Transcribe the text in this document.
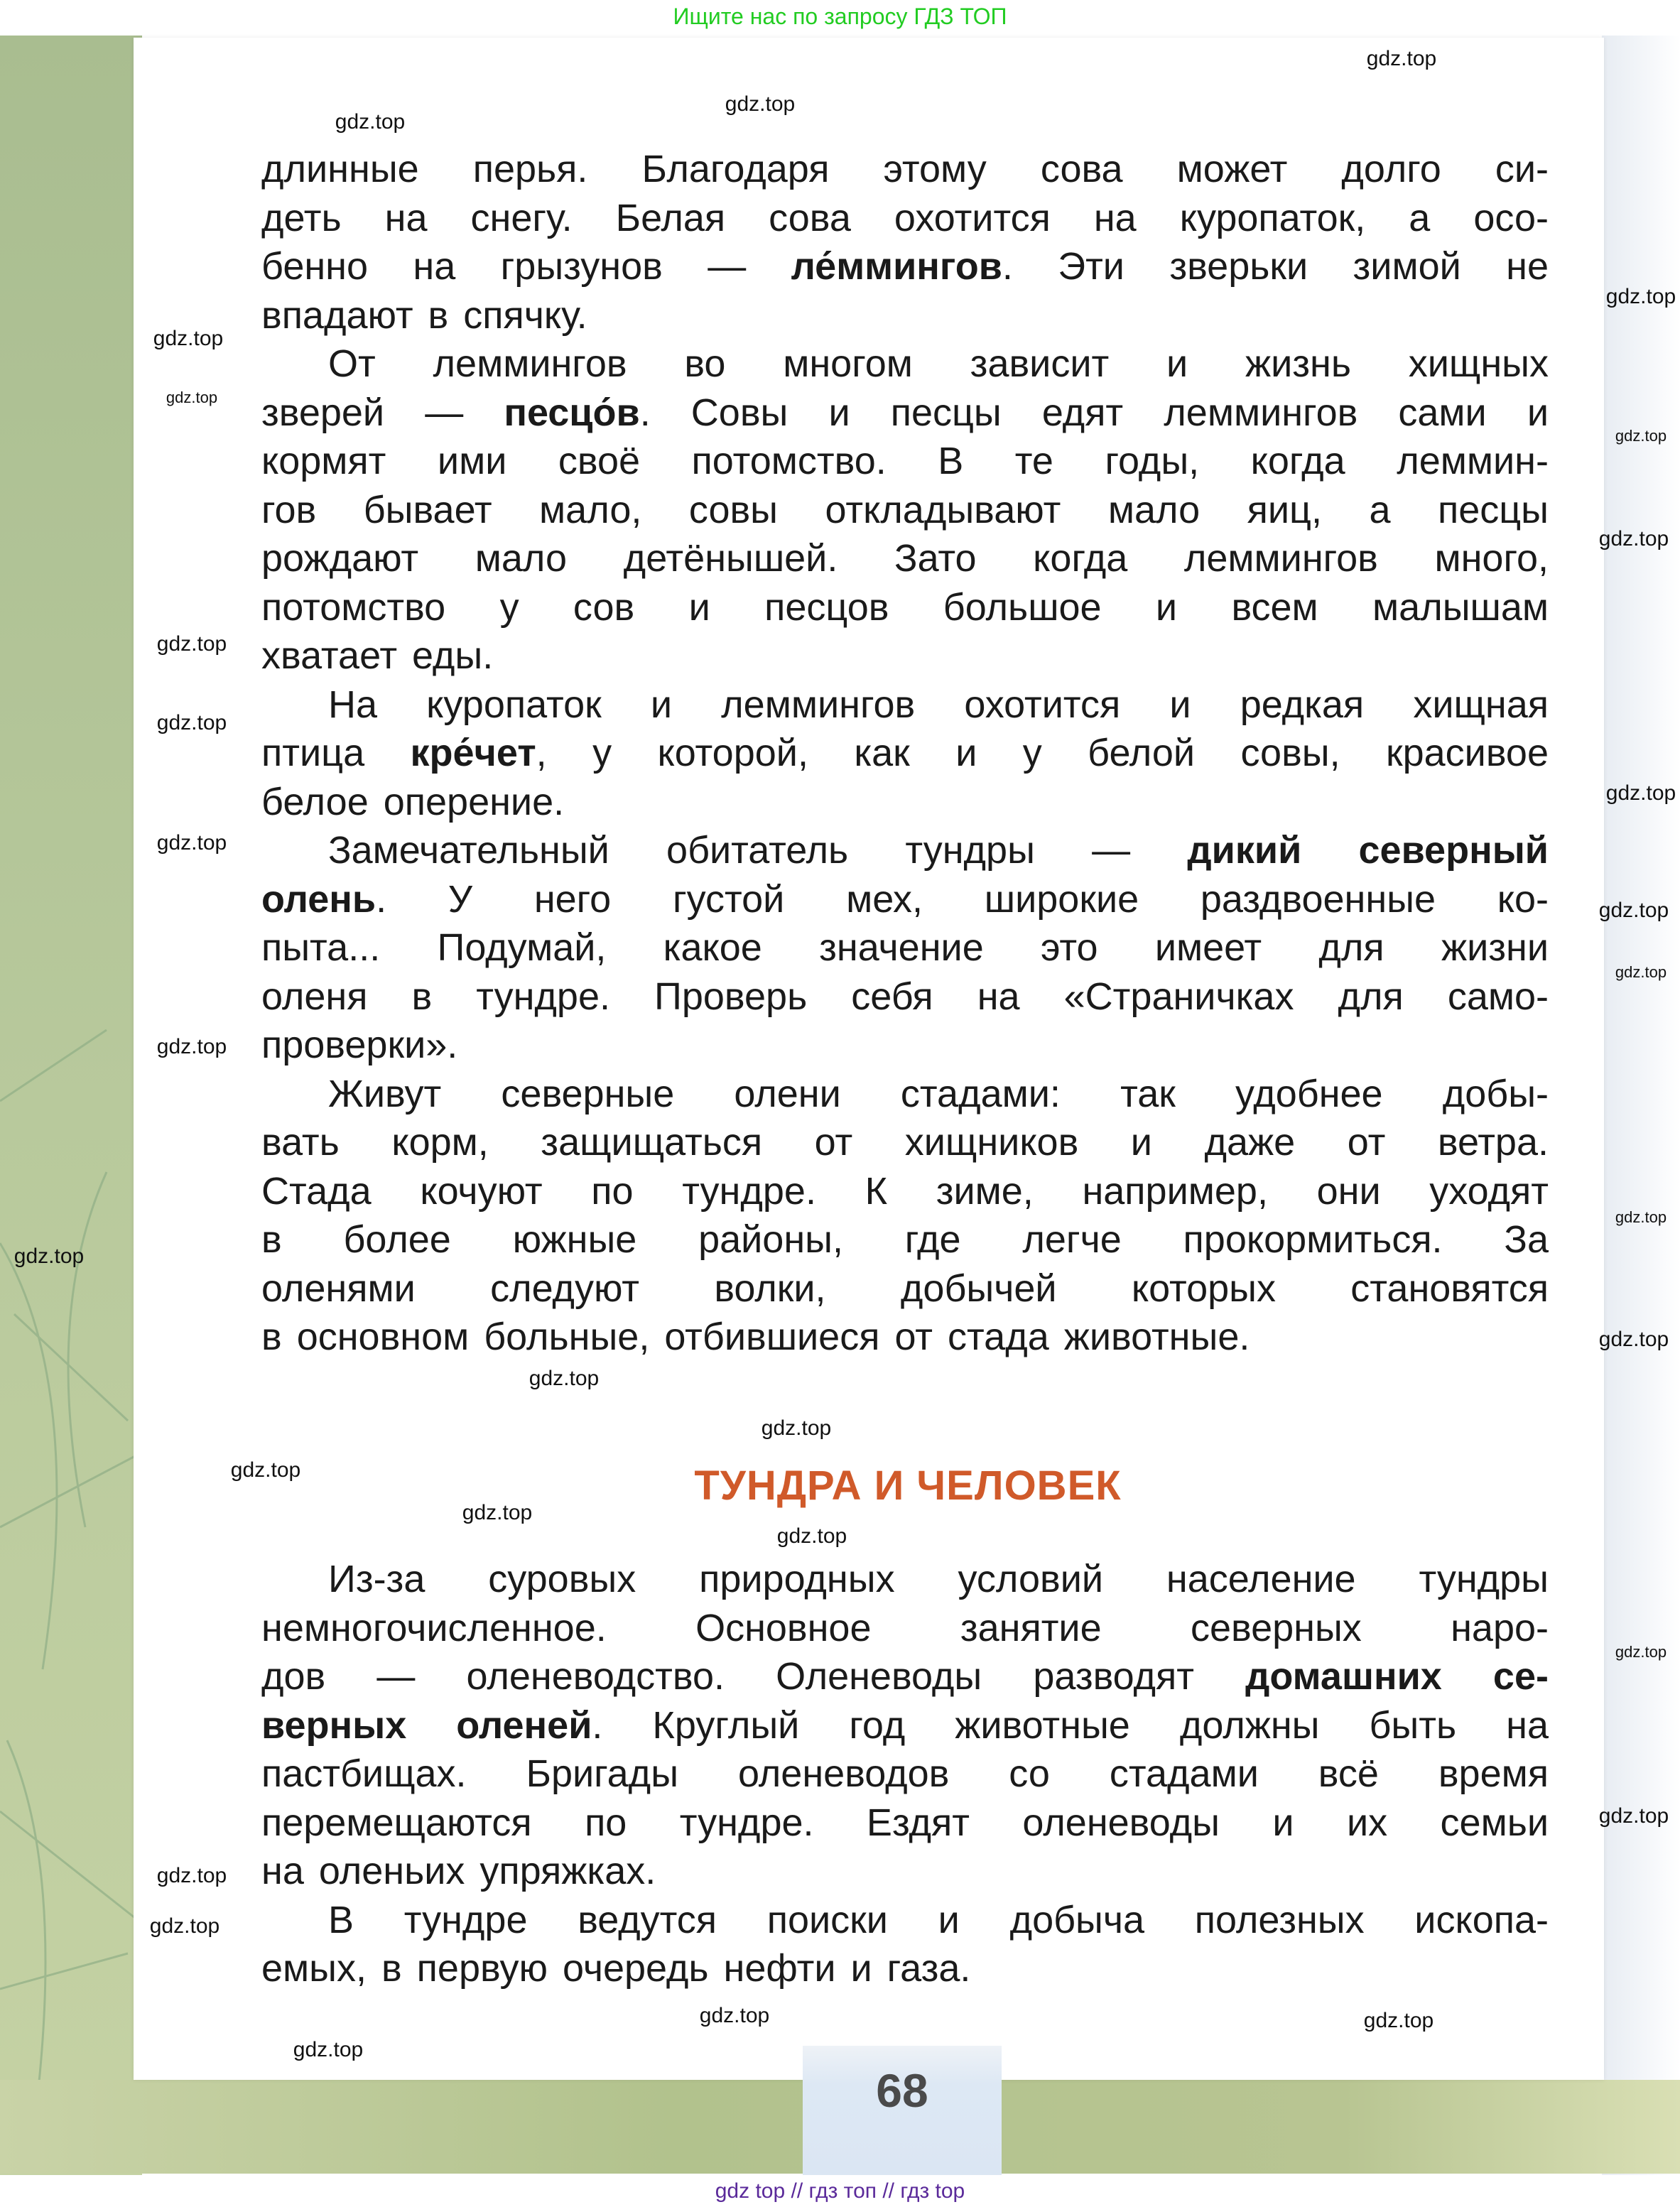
Ищите нас по запросу ГДЗ ТОП
68
длинные перья. Благодаря этому сова может долго си-
деть на снегу. Белая сова охотится на куропаток, а осо-
бенно на грызунов — ле́ммингов. Эти зверьки зимой не
впадают в спячку.
От леммингов во многом зависит и жизнь хищных
зверей — песцо́в. Совы и песцы едят леммингов сами и
кормят ими своё потомство. В те годы, когда леммин-
гов бывает мало, совы откладывают мало яиц, а песцы
рождают мало детёнышей. Зато когда леммингов много,
потомство у сов и песцов большое и всем малышам
хватает еды.
На куропаток и леммингов охотится и редкая хищная
птица кре́чет, у которой, как и у белой совы, красивое
белое оперение.
Замечательный обитатель тундры — дикий северный
олень. У него густой мех, широкие раздвоенные ко-
пыта... Подумай, какое значение это имеет для жизни
оленя в тундре. Проверь себя на «Страничках для само-
проверки».
Живут северные олени стадами: так удобнее добы-
вать корм, защищаться от хищников и даже от ветра.
Стада кочуют по тундре. К зиме, например, они уходят
в более южные районы, где легче прокормиться. За
оленями следуют волки, добычей которых становятся
в основном больные, отбившиеся от стада животные.
ТУНДРА И ЧЕЛОВЕК
Из-за суровых природных условий население тундры
немногочисленное. Основное занятие северных наро-
дов — оленеводство. Оленеводы разводят домашних се-
верных оленей. Круглый год животные должны быть на
пастбищах. Бригады оленеводов со стадами всё время
перемещаются по тундре. Ездят оленеводы и их семьи
на оленьих упряжках.
В тундре ведутся поиски и добыча полезных ископа-
емых, в первую очередь нефти и газа.
gdz.top
gdz.top
gdz.top
gdz.top
gdz.top
gdz.top
gdz.top
gdz.top
gdz.top
gdz.top
gdz.top
gdz.top
gdz.top
gdz.top
gdz.top
gdz.top
gdz.top
gdz.top
gdz.top
gdz.top
gdz.top
gdz.top
gdz.top
gdz.top
gdz.top
gdz.top
gdz.top
gdz.top
gdz.top
gdz.top
gdz top // гдз топ // гдз top
